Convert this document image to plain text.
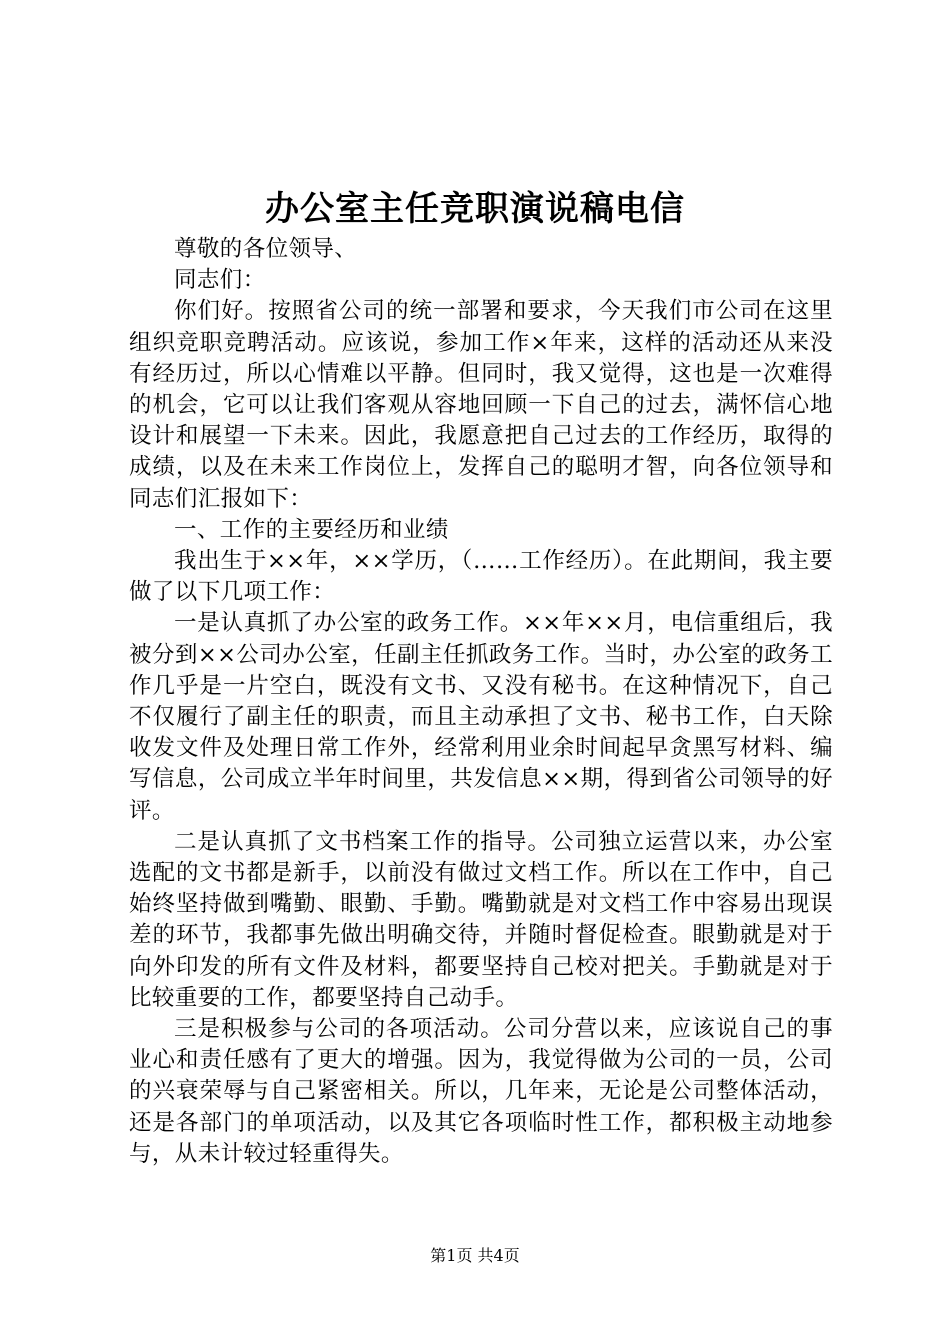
办公室主任竞职演说稿电信

尊敬的各位领导、

同志们：

你们好。按照省公司的统一部署和要求，今天我们市公司在这里组织竞职竞聘活动。应该说，参加工作×年来，这样的活动还从来没有经历过，所以心情难以平静。但同时，我又觉得，这也是一次难得的机会，它可以让我们客观从容地回顾一下自己的过去，满怀信心地设计和展望一下未来。因此，我愿意把自己过去的工作经历，取得的成绩，以及在未来工作岗位上，发挥自己的聪明才智，向各位领导和同志们汇报如下：

一、工作的主要经历和业绩

我出生于××年，××学历，（……工作经历）。在此期间，我主要做了以下几项工作：

一是认真抓了办公室的政务工作。××年××月，电信重组后，我被分到××公司办公室，任副主任抓政务工作。当时，办公室的政务工作几乎是一片空白，既没有文书、又没有秘书。在这种情况下，自己不仅履行了副主任的职责，而且主动承担了文书、秘书工作，白天除收发文件及处理日常工作外，经常利用业余时间起早贪黑写材料、编写信息，公司成立半年时间里，共发信息××期，得到省公司领导的好评。

二是认真抓了文书档案工作的指导。公司独立运营以来，办公室选配的文书都是新手，以前没有做过文档工作。所以在工作中，自己始终坚持做到嘴勤、眼勤、手勤。嘴勤就是对文档工作中容易出现误差的环节，我都事先做出明确交待，并随时督促检查。眼勤就是对于向外印发的所有文件及材料，都要坚持自己校对把关。手勤就是对于比较重要的工作，都要坚持自己动手。

三是积极参与公司的各项活动。公司分营以来，应该说自己的事业心和责任感有了更大的增强。因为，我觉得做为公司的一员，公司的兴衰荣辱与自己紧密相关。所以，几年来，无论是公司整体活动，还是各部门的单项活动，以及其它各项临时性工作，都积极主动地参与，从未计较过轻重得失。

第1页 共4页
